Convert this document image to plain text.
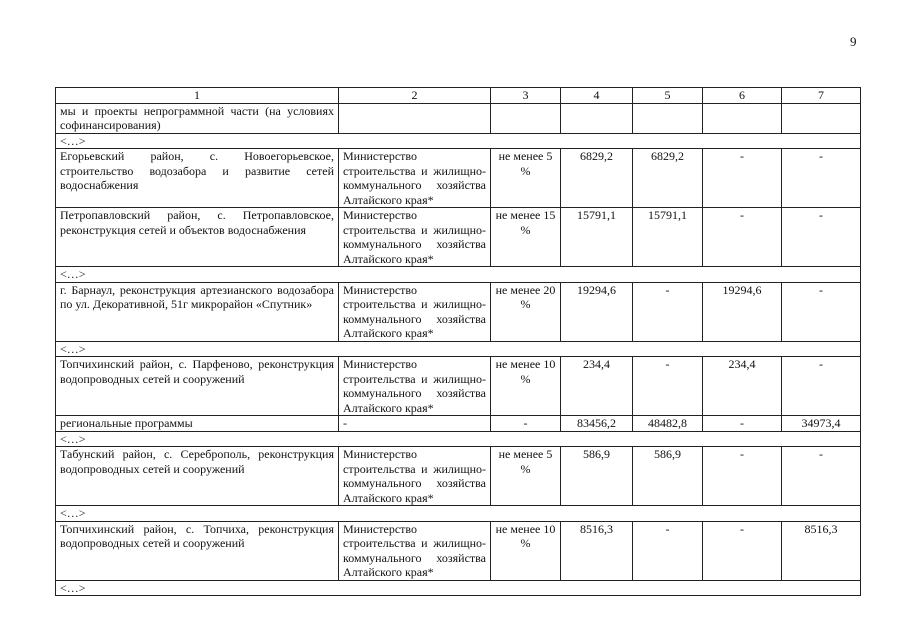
9
1	2	3	4	5	6	7
мы и проекты непрограммной части (на условиях софинансирования)						
<…>						
Егорьевский район, с. Новоегорьевское, строительство водозабора и развитие сетей водоснабжения	Министерство строительства и жилищно-коммунального хозяйства Алтайского края*	не менее 5 %	6829,2	6829,2	-	-
Петропавловский район, с. Петропавловское, реконструкция сетей и объектов водоснабжения	Министерство строительства и жилищно-коммунального хозяйства Алтайского края*	не менее 15 %	15791,1	15791,1	-	-
<…>						
г. Барнаул, реконструкция артезианского водозабора по ул. Декоративной, 51г микрорайон «Спутник»	Министерство строительства и жилищно-коммунального хозяйства Алтайского края*	не менее 20 %	19294,6	-	19294,6	-
<…>						
Топчихинский район, с. Парфеново, реконструкция водопроводных сетей и сооружений	Министерство строительства и жилищно-коммунального хозяйства Алтайского края*	не менее 10 %	234,4	-	234,4	-
региональные программы	-	-	83456,2	48482,8	-	34973,4
<…>						
Табунский район, с. Сереброполь, реконструкция водопроводных сетей и сооружений	Министерство строительства и жилищно-коммунального хозяйства Алтайского края*	не менее 5 %	586,9	586,9	-	-
<…>						
Топчихинский район, с. Топчиха, реконструкция водопроводных сетей и сооружений	Министерство строительства и жилищно-коммунального хозяйства Алтайского края*	не менее 10 %	8516,3	-	-	8516,3
<…>						
